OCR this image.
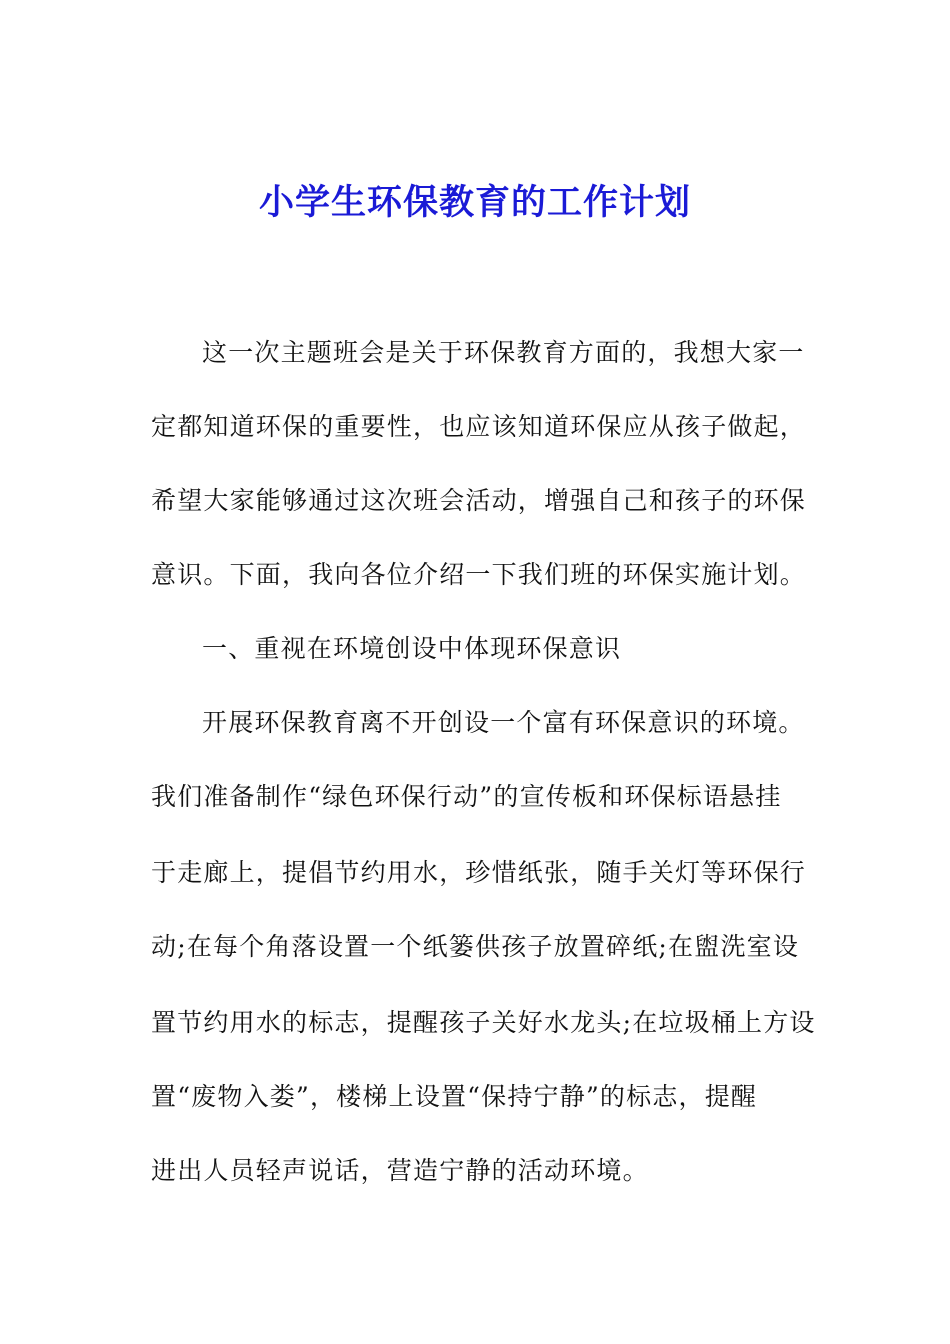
小学生环保教育的工作计划
这一次主题班会是关于环保教育方面的，我想大家一
定都知道环保的重要性，也应该知道环保应从孩子做起，
希望大家能够通过这次班会活动，增强自己和孩子的环保
意识。下面，我向各位介绍一下我们班的环保实施计划。
一、重视在环境创设中体现环保意识
开展环保教育离不开创设一个富有环保意识的环境。
我们准备制作“绿色环保行动”的宣传板和环保标语悬挂
于走廊上，提倡节约用水，珍惜纸张，随手关灯等环保行
动;在每个角落设置一个纸篓供孩子放置碎纸;在盥洗室设
置节约用水的标志，提醒孩子关好水龙头;在垃圾桶上方设
置“废物入娄”，楼梯上设置“保持宁静”的标志，提醒
进出人员轻声说话，营造宁静的活动环境。
